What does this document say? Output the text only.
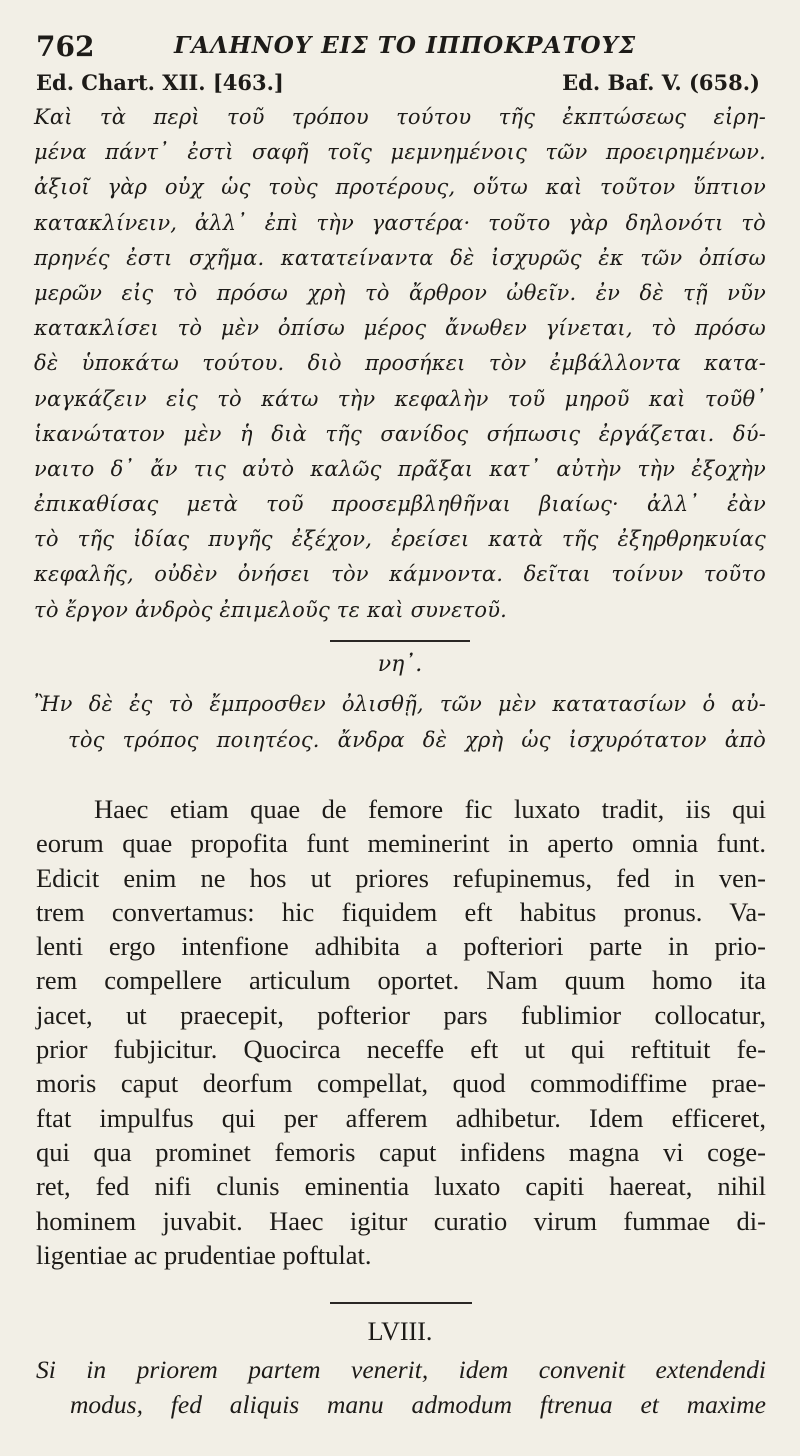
762	ΓΑΛΗΝΟΥ ΕΙΣ ΤΟ ΙΠΠΟΚΡΑΤΟΥΣ
Ed. Chart. XII. [463.]	Ed. Baf. V. (658.)
Καὶ τὰ περὶ τοῦ τρόπου τούτου τῆς ἐκπτώσεως εἰρη-
μένα πάντ᾽ ἐστὶ σαφῆ τοῖς μεμνημένοις τῶν προειρημένων.
ἀξιοῖ γὰρ οὐχ ὡς τοὺς προτέρους, οὕτω καὶ τοῦτον ὕπτιον
κατακλίνειν, ἀλλ᾽ ἐπὶ τὴν γαστέρα· τοῦτο γὰρ δηλονότι τὸ
πρηνές ἐστι σχῆμα. κατατείναντα δὲ ἰσχυρῶς ἐκ τῶν ὀπίσω
μερῶν εἰς τὸ πρόσω χρὴ τὸ ἄρθρον ὠθεῖν. ἐν δὲ τῇ νῦν
κατακλίσει τὸ μὲν ὀπίσω μέρος ἄνωθεν γίνεται, τὸ πρόσω
δὲ ὑποκάτω τούτου. διὸ προσήκει τὸν ἐμβάλλοντα κατα-
ναγκάζειν εἰς τὸ κάτω τὴν κεφαλὴν τοῦ μηροῦ καὶ τοῦθ᾽
ἱκανώτατον μὲν ἡ διὰ τῆς σανίδος σήπωσις ἐργάζεται. δύ-
ναιτο δ᾽ ἄν τις αὐτὸ καλῶς πρᾶξαι κατ᾽ αὐτὴν τὴν ἐξοχὴν
ἐπικαθίσας μετὰ τοῦ προσεμβληθῆναι βιαίως· ἀλλ᾽ ἐὰν
τὸ τῆς ἰδίας πυγῆς ἐξέχον, ἐρείσει κατὰ τῆς ἐξηρθρηκυίας
κεφαλῆς, οὐδὲν ὀνήσει τὸν κάμνοντα. δεῖται τοίνυν τοῦτο
τὸ ἔργον ἀνδρὸς ἐπιμελοῦς τε καὶ συνετοῦ.
νη᾽.
Ἢν δὲ ἐς τὸ ἔμπροσθεν ὀλισθῇ, τῶν μὲν κατατασίων ὁ αὐ-
τὸς τρόπος ποιητέος. ἄνδρα δὲ χρὴ ὡς ἰσχυρότατον ἀπὸ
Haec etiam quae de femore fic luxato tradit, iis qui
eorum quae propofita funt meminerint in aperto omnia funt.
Edicit enim ne hos ut priores refupinemus, fed in ven-
trem convertamus: hic fiquidem eft habitus pronus. Va-
lenti ergo intenfione adhibita a pofteriori parte in prio-
rem compellere articulum oportet. Nam quum homo ita
jacet, ut praecepit, pofterior pars fublimior collocatur,
prior fubjicitur. Quocirca neceffe eft ut qui reftituit fe-
moris caput deorfum compellat, quod commodiffime prae-
ftat impulfus qui per afferem adhibetur. Idem efficeret,
qui qua prominet femoris caput infidens magna vi coge-
ret, fed nifi clunis eminentia luxato capiti haereat, nihil
hominem juvabit. Haec igitur curatio virum fummae di-
ligentiae ac prudentiae poftulat.
LVIII.
Si in priorem partem venerit, idem convenit extendendi
modus, fed aliquis manu admodum ftrenua et maxime
